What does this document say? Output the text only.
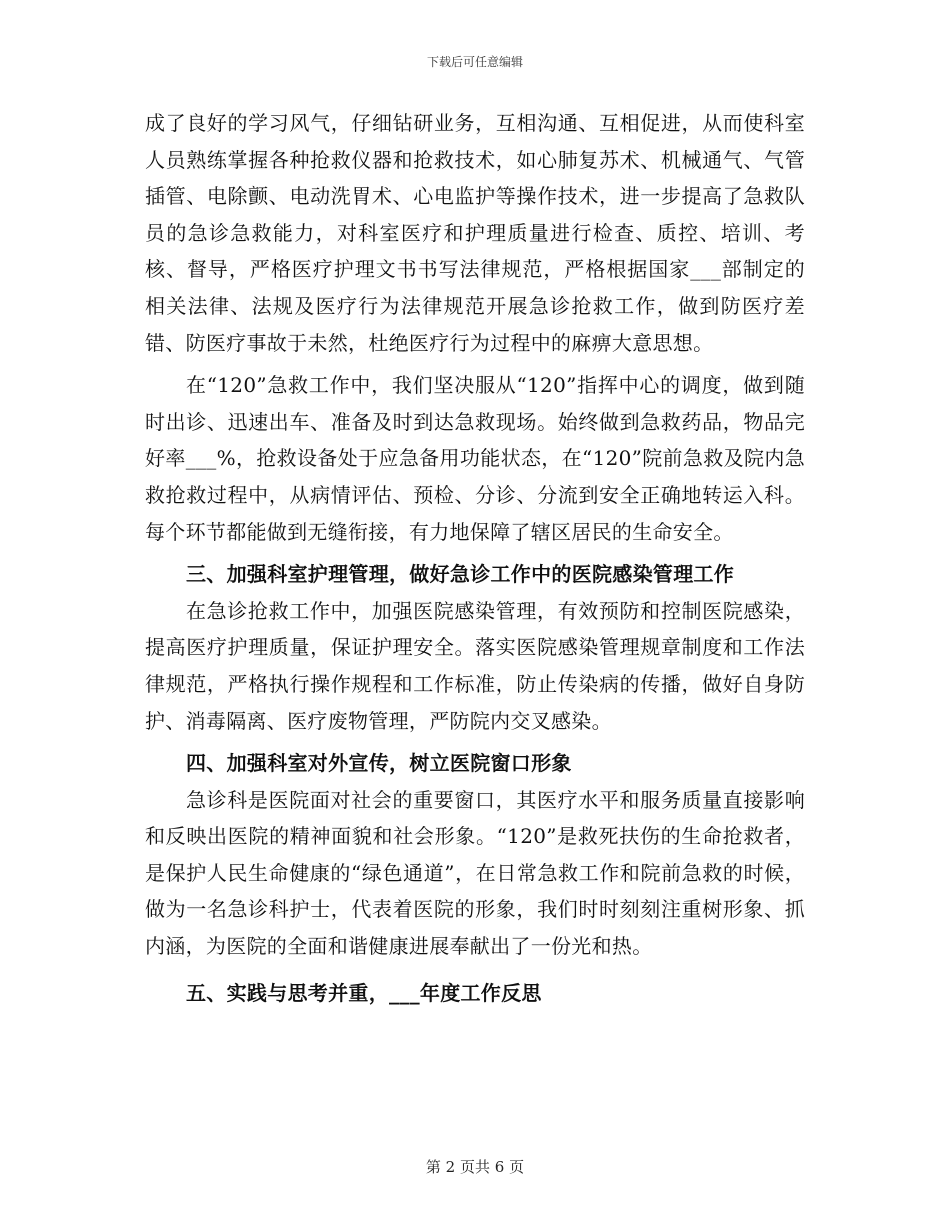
下载后可任意编辑

成了良好的学习风气，仔细钻研业务，互相沟通、互相促进，从而使科室人员熟练掌握各种抢救仪器和抢救技术，如心肺复苏术、机械通气、气管插管、电除颤、电动洗胃术、心电监护等操作技术，进一步提高了急救队员的急诊急救能力，对科室医疗和护理质量进行检查、质控、培训、考核、督导，严格医疗护理文书书写法律规范，严格根据国家___部制定的相关法律、法规及医疗行为法律规范开展急诊抢救工作，做到防医疗差错、防医疗事故于未然，杜绝医疗行为过程中的麻痹大意思想。

在“120”急救工作中，我们坚决服从“120”指挥中心的调度，做到随时出诊、迅速出车、准备及时到达急救现场。始终做到急救药品，物品完好率___%，抢救设备处于应急备用功能状态，在“120”院前急救及院内急救抢救过程中，从病情评估、预检、分诊、分流到安全正确地转运入科。每个环节都能做到无缝衔接，有力地保障了辖区居民的生命安全。

三、加强科室护理管理，做好急诊工作中的医院感染管理工作

在急诊抢救工作中，加强医院感染管理，有效预防和控制医院感染，提高医疗护理质量，保证护理安全。落实医院感染管理规章制度和工作法律规范，严格执行操作规程和工作标准，防止传染病的传播，做好自身防护、消毒隔离、医疗废物管理，严防院内交叉感染。

四、加强科室对外宣传，树立医院窗口形象

急诊科是医院面对社会的重要窗口，其医疗水平和服务质量直接影响和反映出医院的精神面貌和社会形象。“120”是救死扶伤的生命抢救者，是保护人民生命健康的“绿色通道”，在日常急救工作和院前急救的时候，做为一名急诊科护士，代表着医院的形象，我们时时刻刻注重树形象、抓内涵，为医院的全面和谐健康进展奉献出了一份光和热。

五、实践与思考并重，___年度工作反思

第 2 页共 6 页
